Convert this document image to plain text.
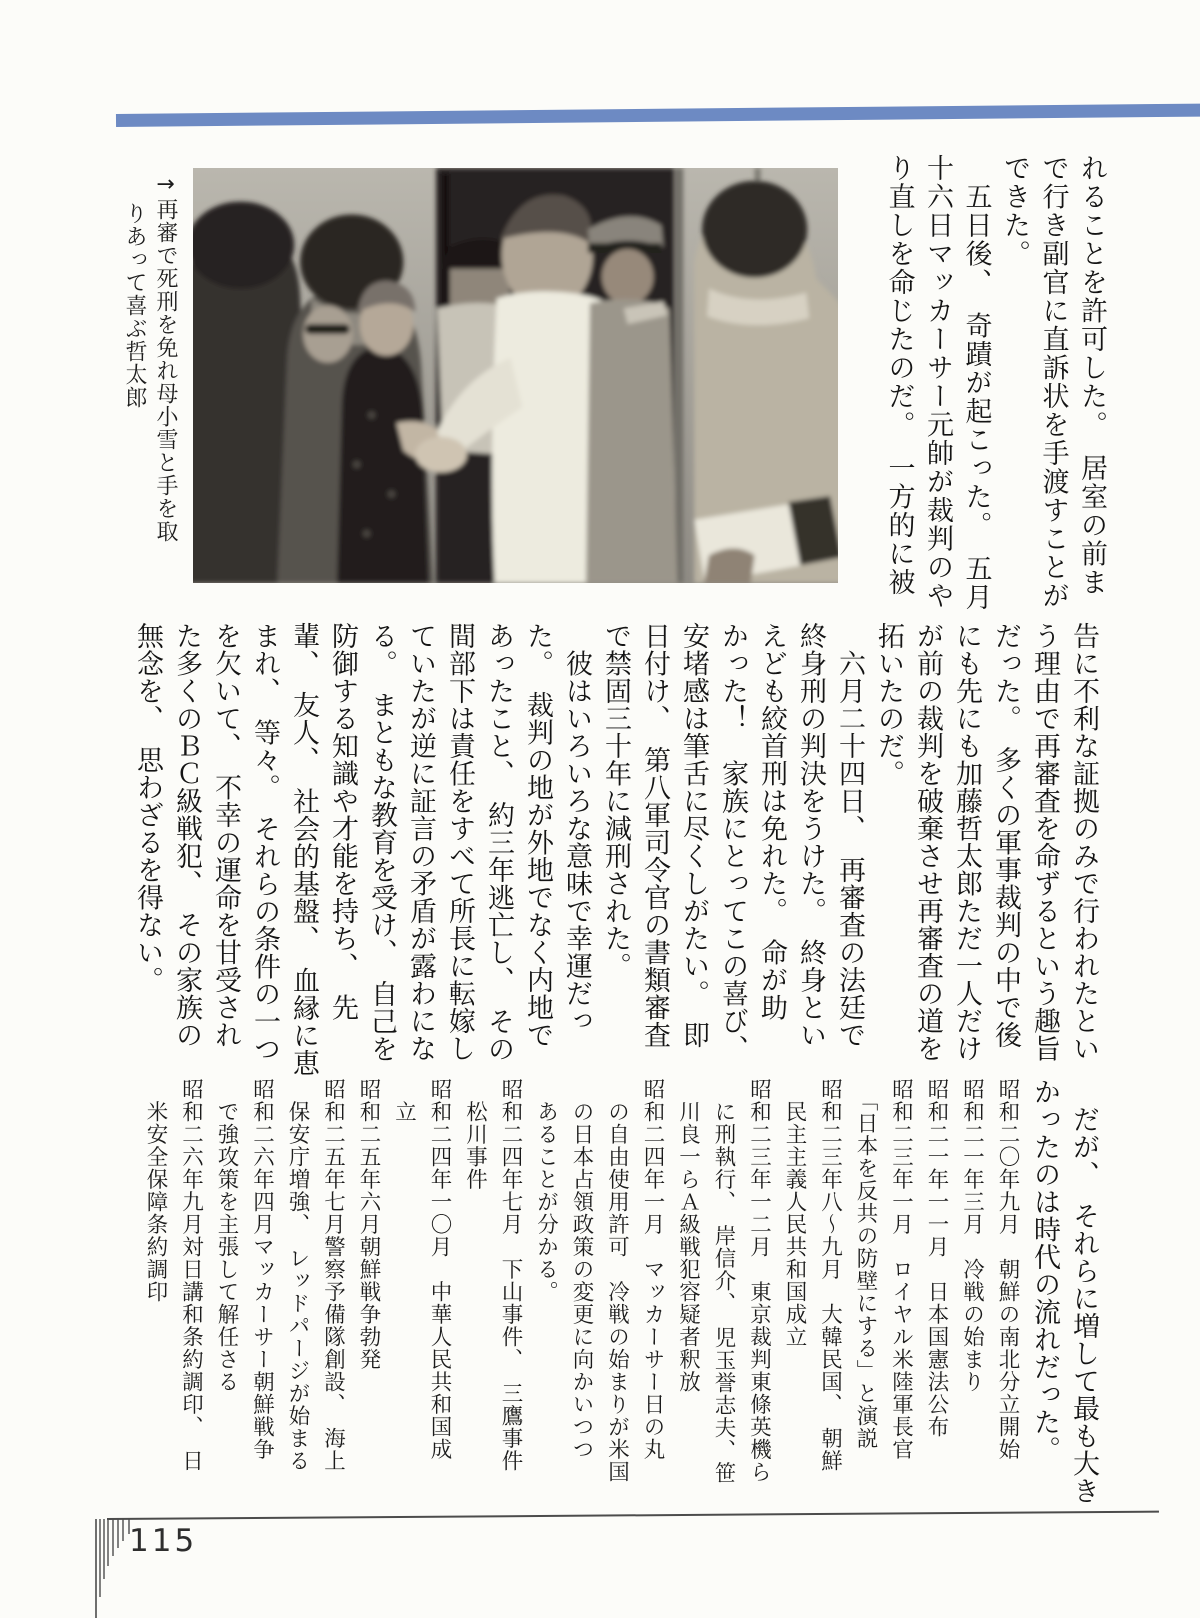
→再審で死刑を免れ母小雪と手を取

りあって喜ぶ哲太郎	れることを許可した。　居室の前ま

で行き副官に直訴状を手渡すことが

できた。

　五日後、　奇蹟が起こった。　五月

十六日マッカーサー元帥が裁判のや

り直しを命じたのだ。　一方的に被

告に不利な証拠のみで行われたとい

う理由で再審査を命ずるという趣旨

だった。　多くの軍事裁判の中で後

にも先にも加藤哲太郎ただ一人だけ

が前の裁判を破棄させ再審査の道を

拓いたのだ。

　六月二十四日、　再審査の法廷で

終身刑の判決をうけた。　終身とい

えども絞首刑は免れた。　命が助

かった！　家族にとってこの喜び、

安堵感は筆舌に尽くしがたい。　即

日付け、　第八軍司令官の書類審査

で禁固三十年に減刑された。

　彼はいろいろな意味で幸運だっ

た。　裁判の地が外地でなく内地で

あったこと、　約三年逃亡し、　その

間部下は責任をすべて所長に転嫁し

ていたが逆に証言の矛盾が露わにな

る。　まともな教育を受け、　自己を

防御する知識や才能を持ち、　先

輩、　友人、　社会的基盤、　血縁に恵

まれ、　等々。　それらの条件の一つ

を欠いて、　不幸の運命を甘受され

た多くのＢＣ級戦犯、　その家族の

無念を、　思わざるを得ない。

　だが、　それらに増して最も大き

かったのは時代の流れだった。

昭和二〇年九月　朝鮮の南北分立開始

昭和二一年三月　冷戦の始まり

昭和二一年一一月　日本国憲法公布

昭和二三年一月　ロイヤル米陸軍長官

　「日本を反共の防壁にする」と演説

昭和二三年八〜九月　大韓民国、　朝鮮

　民主主義人民共和国成立

昭和二三年一二月　東京裁判東條英機ら

　に刑執行、　岸信介、　児玉誉志夫、笹

　川良一らＡ級戦犯容疑者釈放

昭和二四年一月　マッカーサー日の丸

　の自由使用許可　冷戦の始まりが米国

　の日本占領政策の変更に向かいつつ

　あることが分かる。

昭和二四年七月　下山事件、　三鷹事件

　松川事件

昭和二四年一〇月　中華人民共和国成

　立

昭和二五年六月朝鮮戦争勃発

昭和二五年七月警察予備隊創設、　海上

　保安庁増強、　レッドパージが始まる

昭和二六年四月マッカーサー朝鮮戦争

　で強攻策を主張して解任さる

昭和二六年九月対日講和条約調印、　日

　米安全保障条約調印

115
